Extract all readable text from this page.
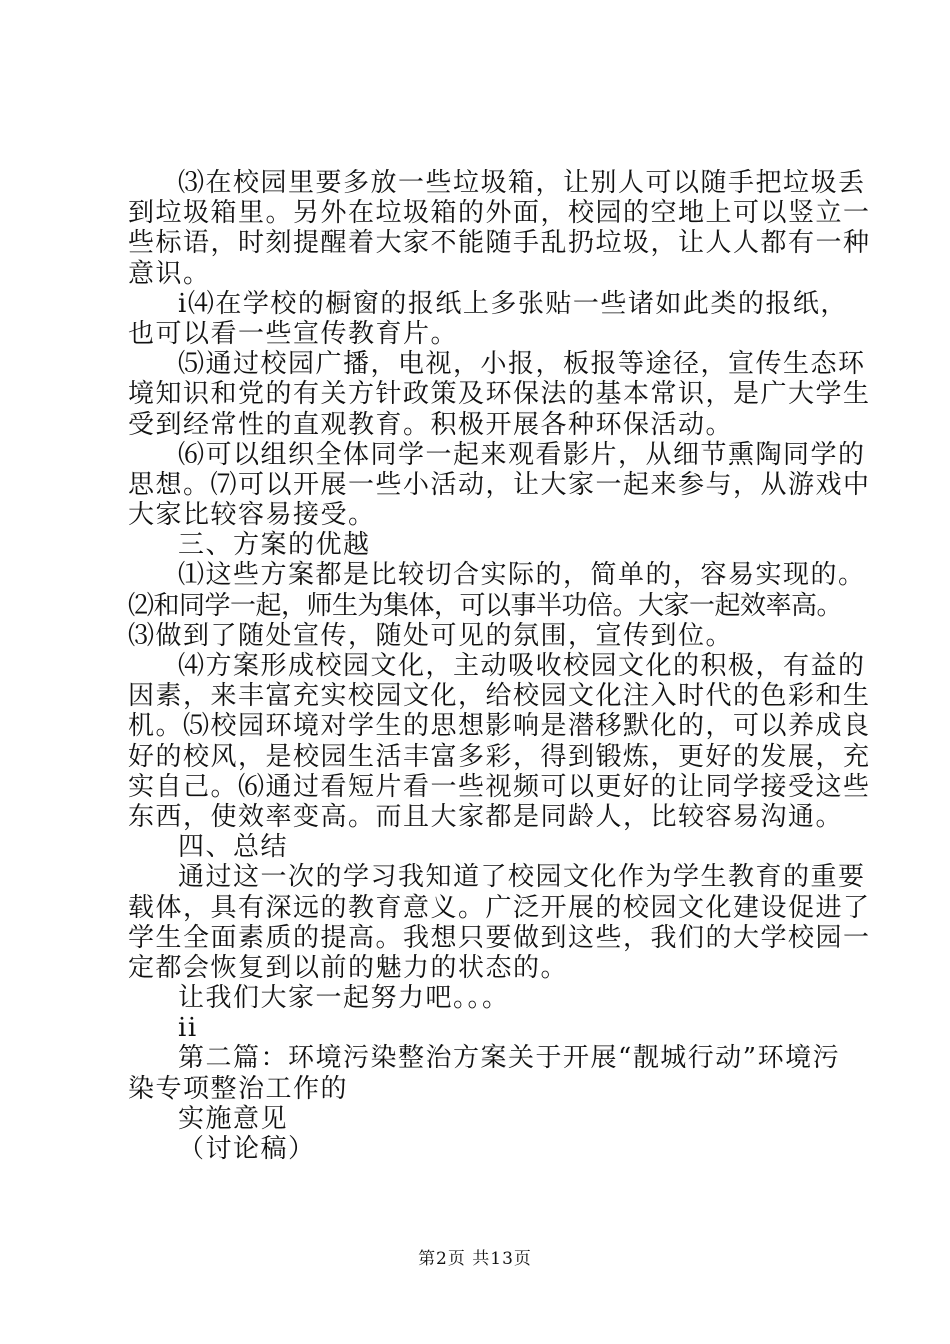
⑶在校园里要多放一些垃圾箱，让别人可以随手把垃圾丢
到垃圾箱里。另外在垃圾箱的外面，校园的空地上可以竖立一
些标语，时刻提醒着大家不能随手乱扔垃圾，让人人都有一种
意识。
i⑷在学校的橱窗的报纸上多张贴一些诸如此类的报纸，
也可以看一些宣传教育片。
⑸通过校园广播，电视，小报，板报等途径，宣传生态环
境知识和党的有关方针政策及环保法的基本常识，是广大学生
受到经常性的直观教育。积极开展各种环保活动。
⑹可以组织全体同学一起来观看影片，从细节熏陶同学的
思想。⑺可以开展一些小活动，让大家一起来参与，从游戏中
大家比较容易接受。
三、方案的优越
⑴这些方案都是比较切合实际的，简单的，容易实现的。
⑵和同学一起，师生为集体，可以事半功倍。大家一起效率高。
⑶做到了随处宣传，随处可见的氛围，宣传到位。
⑷方案形成校园文化，主动吸收校园文化的积极，有益的
因素，来丰富充实校园文化，给校园文化注入时代的色彩和生
机。⑸校园环境对学生的思想影响是潜移默化的，可以养成良
好的校风，是校园生活丰富多彩，得到锻炼，更好的发展，充
实自己。⑹通过看短片看一些视频可以更好的让同学接受这些
东西，使效率变高。而且大家都是同龄人，比较容易沟通。
四、总结
通过这一次的学习我知道了校园文化作为学生教育的重要
载体，具有深远的教育意义。广泛开展的校园文化建设促进了
学生全面素质的提高。我想只要做到这些，我们的大学校园一
定都会恢复到以前的魅力的状态的。
让我们大家一起努力吧。。。
ii
第二篇：环境污染整治方案关于开展“靓城行动”环境污
染专项整治工作的
实施意见
（讨论稿）
第2页 共13页
